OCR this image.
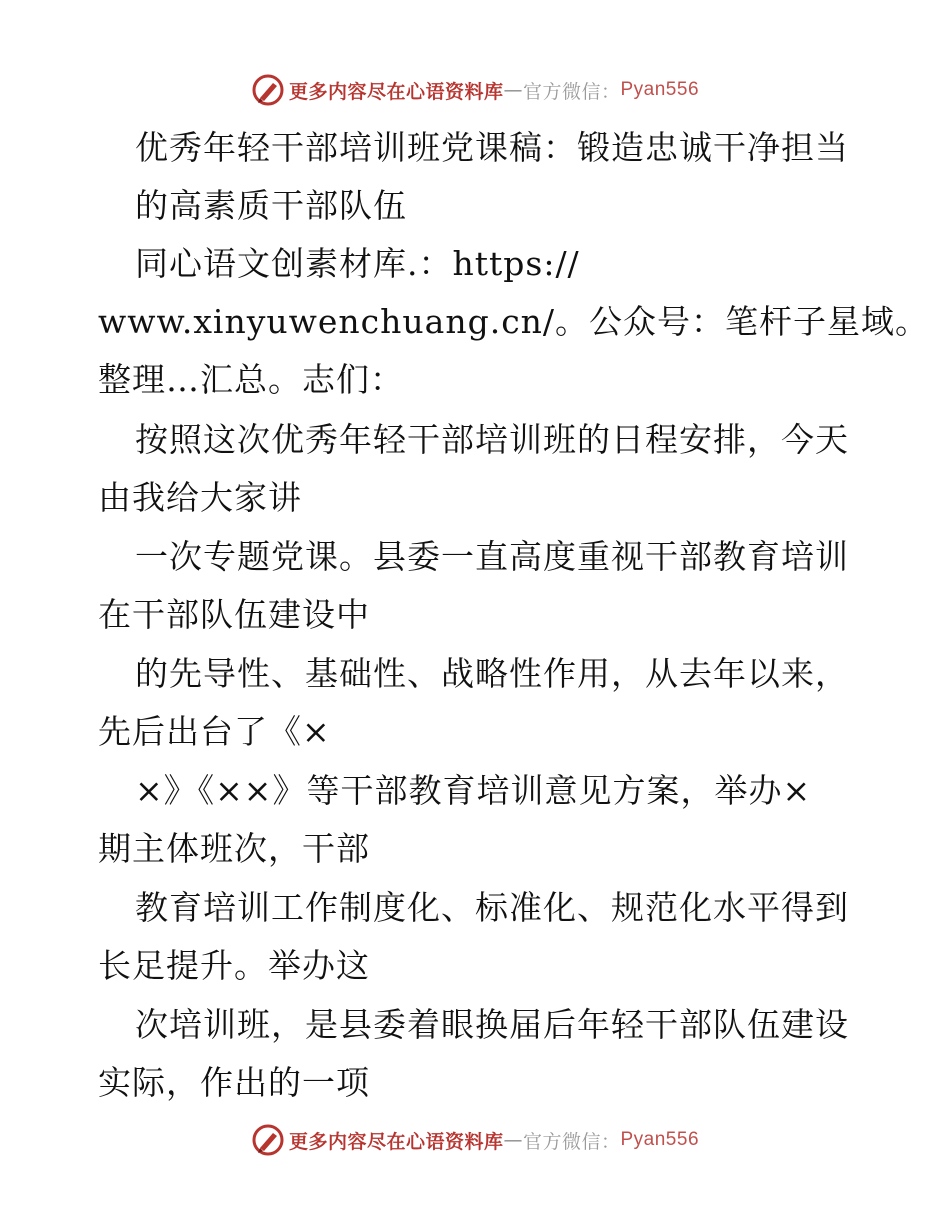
更多内容尽在心语资料库 — 官方微信： Pyan556
优秀年轻干部培训班党课稿：锻造忠诚干净担当
的高素质干部队伍
同心语文创素材库.：https://
www.xinyuwenchuang.cn/。公众号：笔杆子星域。
整理…汇总。志们：
按照这次优秀年轻干部培训班的日程安排，今天
由我给大家讲
一次专题党课。县委一直高度重视干部教育培训
在干部队伍建设中
的先导性、基础性、战略性作用，从去年以来，
先后出台了《×
×》《××》等干部教育培训意见方案，举办×
期主体班次，干部
教育培训工作制度化、标准化、规范化水平得到
长足提升。举办这
次培训班，是县委着眼换届后年轻干部队伍建设
实际，作出的一项
更多内容尽在心语资料库 — 官方微信： Pyan556
